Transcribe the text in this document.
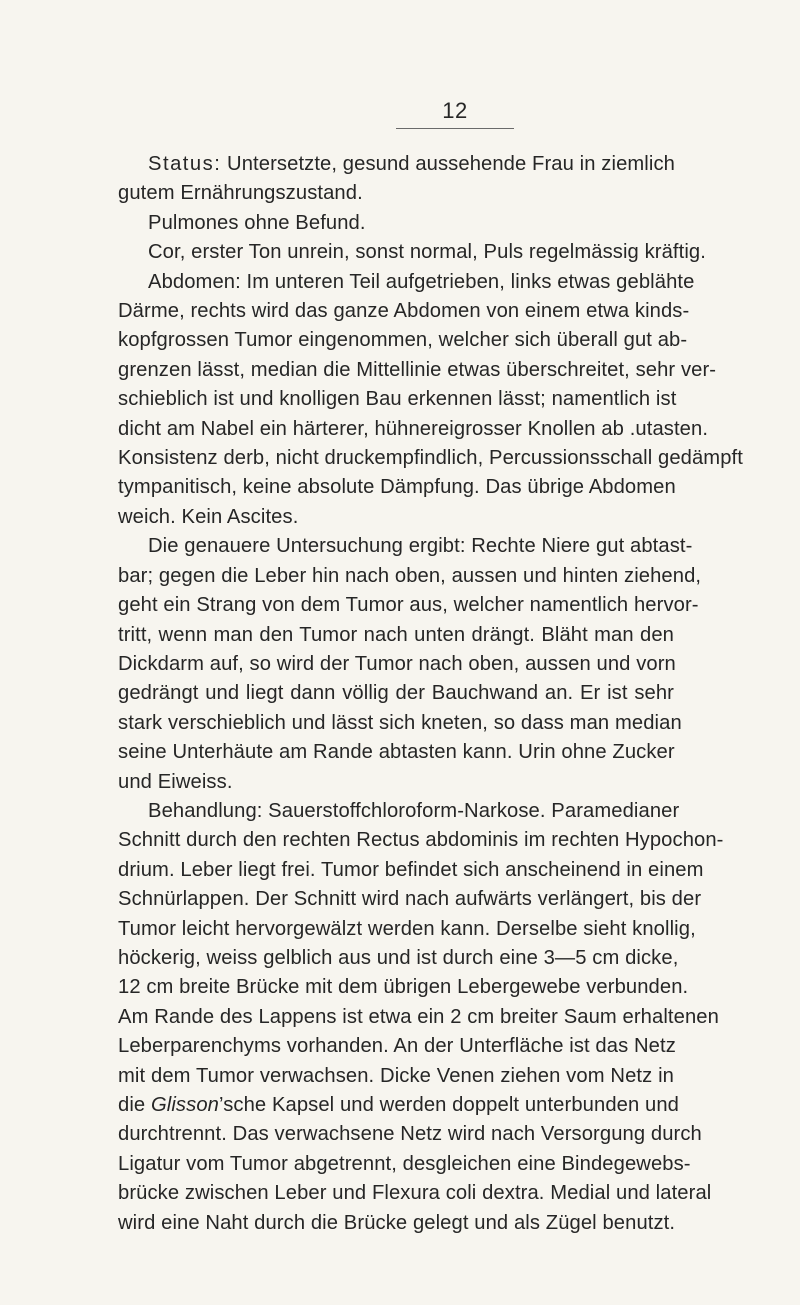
12
Status: Untersetzte, gesund aussehende Frau in ziemlich
gutem Ernährungszustand.
Pulmones ohne Befund.
Cor, erster Ton unrein, sonst normal, Puls regelmässig kräftig.
Abdomen: Im unteren Teil aufgetrieben, links etwas geblähte
Därme, rechts wird das ganze Abdomen von einem etwa kinds-
kopfgrossen Tumor eingenommen, welcher sich überall gut ab-
grenzen lässt, median die Mittellinie etwas überschreitet, sehr ver-
schieblich ist und knolligen Bau erkennen lässt; namentlich ist
dicht am Nabel ein härterer, hühnereigrosser Knollen ab .utasten.
Konsistenz derb, nicht druckempfindlich, Percussionsschall gedämpft
tympanitisch, keine absolute Dämpfung. Das übrige Abdomen
weich. Kein Ascites.
Die genauere Untersuchung ergibt: Rechte Niere gut abtast-
bar; gegen die Leber hin nach oben, aussen und hinten ziehend,
geht ein Strang von dem Tumor aus, welcher namentlich hervor-
tritt, wenn man den Tumor nach unten drängt. Bläht man den
Dickdarm auf, so wird der Tumor nach oben, aussen und vorn
gedrängt und liegt dann völlig der Bauchwand an. Er ist sehr
stark verschieblich und lässt sich kneten, so dass man median
seine Unterhäute am Rande abtasten kann. Urin ohne Zucker
und Eiweiss.
Behandlung: Sauerstoffchloroform-Narkose. Paramedianer
Schnitt durch den rechten Rectus abdominis im rechten Hypochon-
drium. Leber liegt frei. Tumor befindet sich anscheinend in einem
Schnürlappen. Der Schnitt wird nach aufwärts verlängert, bis der
Tumor leicht hervorgewälzt werden kann. Derselbe sieht knollig,
höckerig, weiss gelblich aus und ist durch eine 3—5 cm dicke,
12 cm breite Brücke mit dem übrigen Lebergewebe verbunden.
Am Rande des Lappens ist etwa ein 2 cm breiter Saum erhaltenen
Leberparenchyms vorhanden. An der Unterfläche ist das Netz
mit dem Tumor verwachsen. Dicke Venen ziehen vom Netz in
die Glisson’sche Kapsel und werden doppelt unterbunden und
durchtrennt. Das verwachsene Netz wird nach Versorgung durch
Ligatur vom Tumor abgetrennt, desgleichen eine Bindegewebs-
brücke zwischen Leber und Flexura coli dextra. Medial und lateral
wird eine Naht durch die Brücke gelegt und als Zügel benutzt.
